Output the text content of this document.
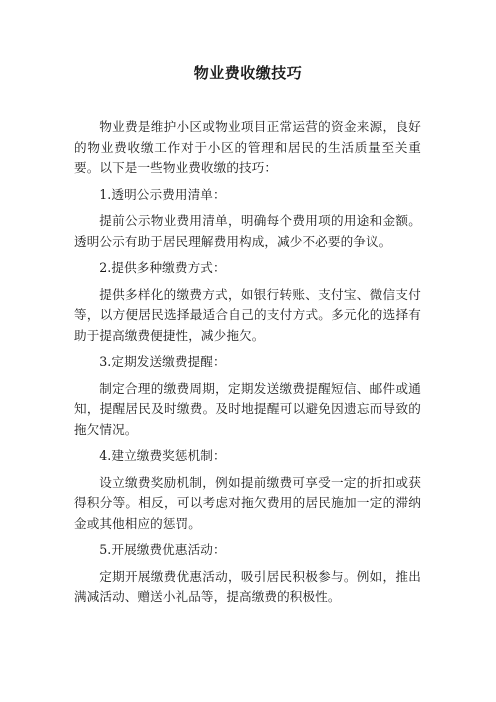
物业费收缴技巧

物业费是维护小区或物业项目正常运营的资金来源，良好的物业费收缴工作对于小区的管理和居民的生活质量至关重要。以下是一些物业费收缴的技巧：

1.透明公示费用清单：

提前公示物业费用清单，明确每个费用项的用途和金额。透明公示有助于居民理解费用构成，减少不必要的争议。

2.提供多种缴费方式：

提供多样化的缴费方式，如银行转账、支付宝、微信支付等，以方便居民选择最适合自己的支付方式。多元化的选择有助于提高缴费便捷性，减少拖欠。

3.定期发送缴费提醒：

制定合理的缴费周期，定期发送缴费提醒短信、邮件或通知，提醒居民及时缴费。及时地提醒可以避免因遗忘而导致的拖欠情况。

4.建立缴费奖惩机制：

设立缴费奖励机制，例如提前缴费可享受一定的折扣或获得积分等。相反，可以考虑对拖欠费用的居民施加一定的滞纳金或其他相应的惩罚。

5.开展缴费优惠活动：

定期开展缴费优惠活动，吸引居民积极参与。例如，推出满减活动、赠送小礼品等，提高缴费的积极性。
